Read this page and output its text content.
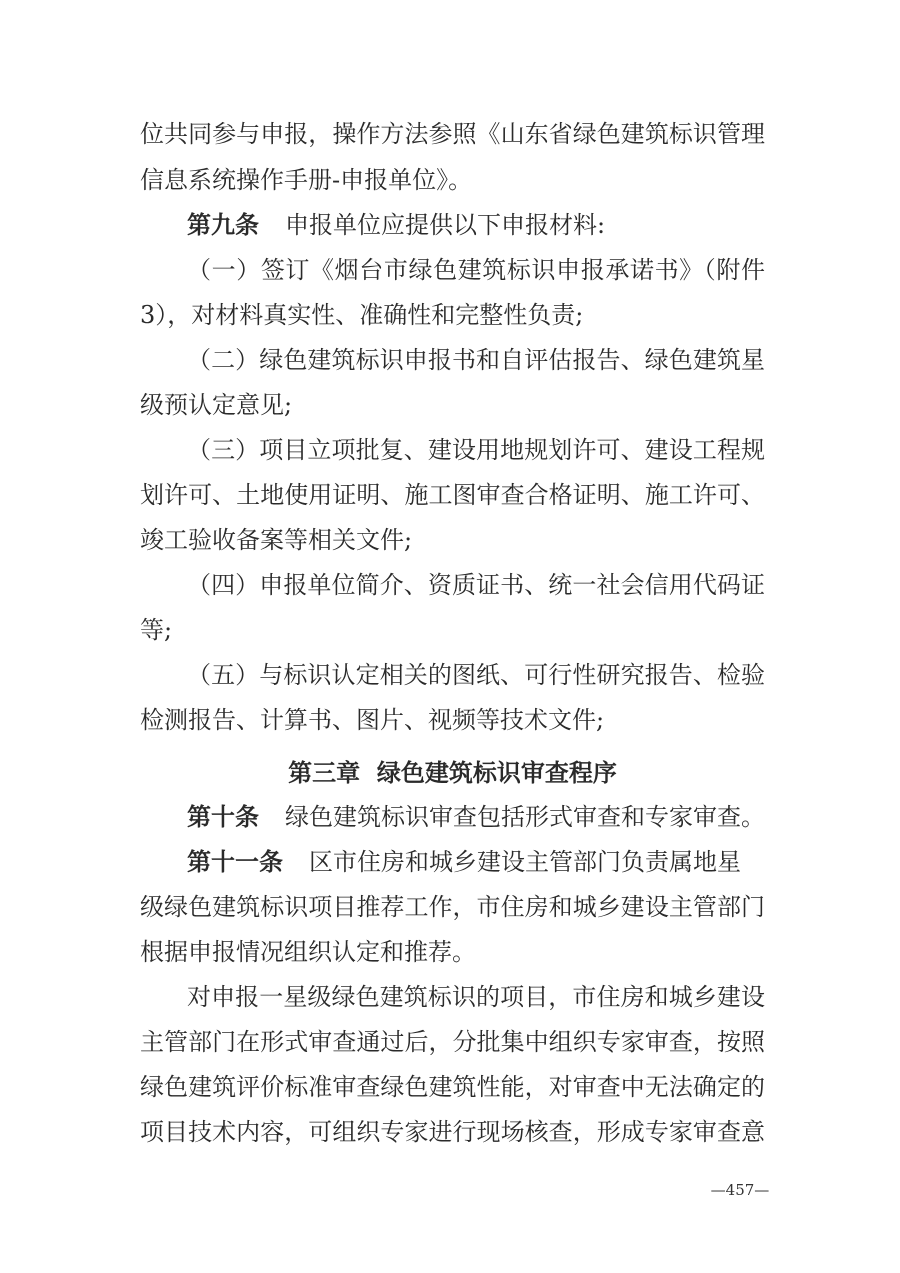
位共同参与申报，操作方法参照《山东省绿色建筑标识管理
信息系统操作手册-申报单位》。
第九条 申报单位应提供以下申报材料:
（一）签订《烟台市绿色建筑标识申报承诺书》（附件
3），对材料真实性、准确性和完整性负责;
（二）绿色建筑标识申报书和自评估报告、绿色建筑星
级预认定意见;
（三）项目立项批复、建设用地规划许可、建设工程规
划许可、土地使用证明、施工图审查合格证明、施工许可、
竣工验收备案等相关文件;
（四）申报单位简介、资质证书、统一社会信用代码证
等;
（五）与标识认定相关的图纸、可行性研究报告、检验
检测报告、计算书、图片、视频等技术文件;
第三章  绿色建筑标识审查程序
第十条 绿色建筑标识审查包括形式审查和专家审查。
第十一条 区市住房和城乡建设主管部门负责属地星
级绿色建筑标识项目推荐工作，市住房和城乡建设主管部门
根据申报情况组织认定和推荐。
对申报一星级绿色建筑标识的项目，市住房和城乡建设
主管部门在形式审查通过后，分批集中组织专家审查，按照
绿色建筑评价标准审查绿色建筑性能，对审查中无法确定的
项目技术内容，可组织专家进行现场核查，形成专家审查意
—457—
